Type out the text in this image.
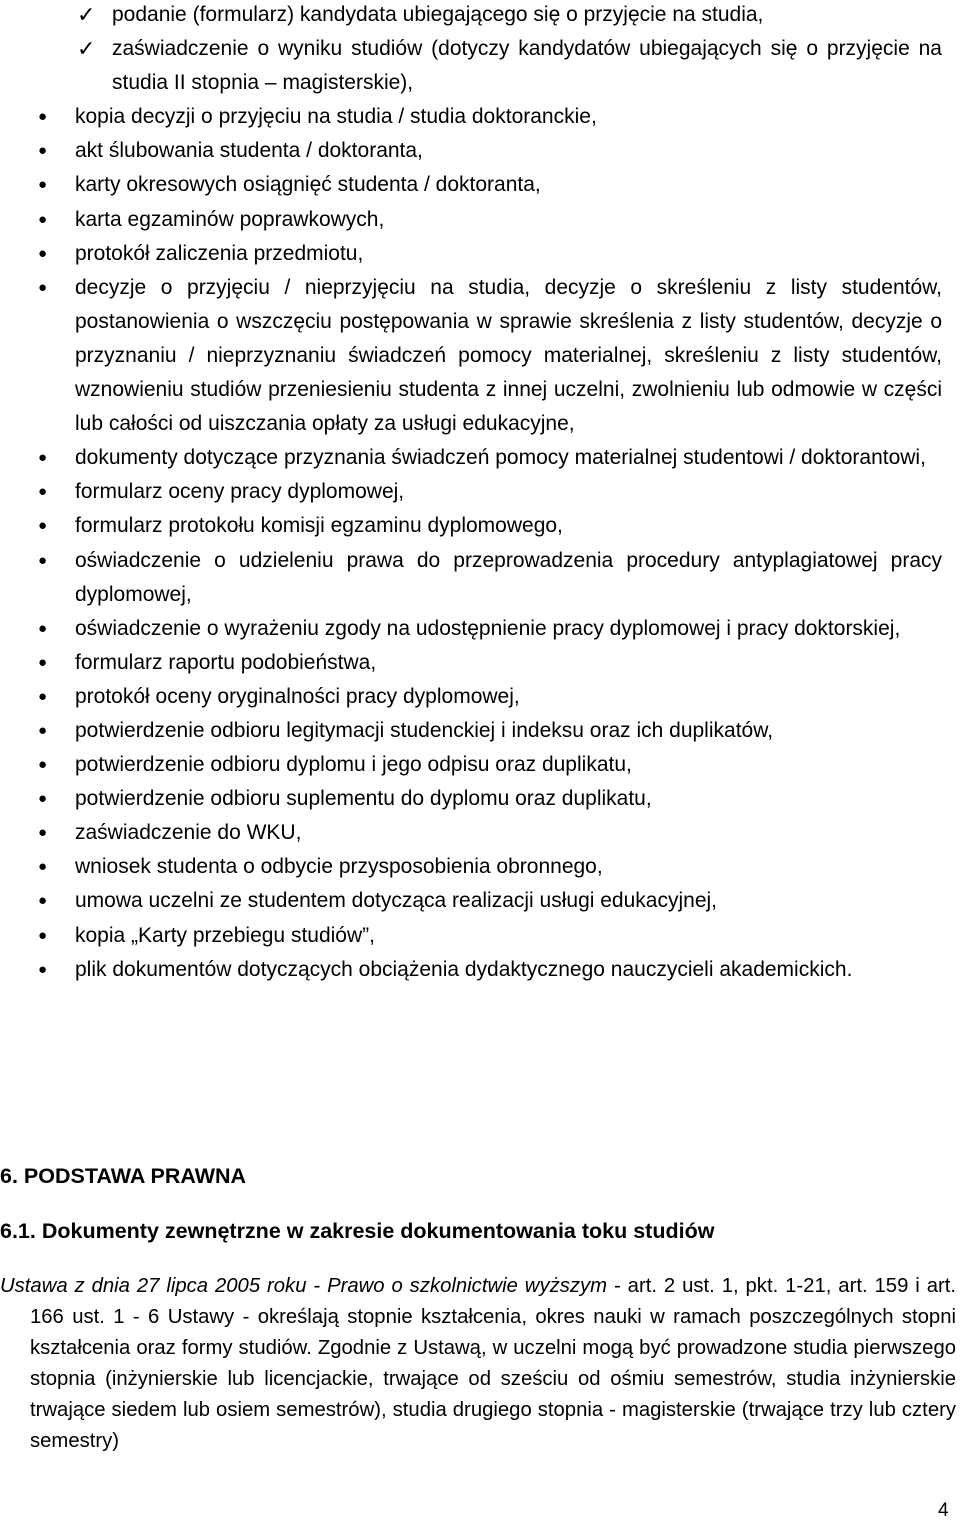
✓ podanie (formularz) kandydata ubiegającego się o przyjęcie na studia,
✓ zaświadczenie o wyniku studiów (dotyczy kandydatów ubiegających się o przyjęcie na studia II stopnia – magisterskie),
● kopia decyzji o przyjęciu na studia / studia doktoranckie,
● akt ślubowania studenta / doktoranta,
● karty okresowych osiągnięć studenta / doktoranta,
● karta egzaminów poprawkowych,
● protokół zaliczenia przedmiotu,
● decyzje o przyjęciu / nieprzyjęciu na studia, decyzje o skreśleniu z listy studentów, postanowienia o wszczęciu postępowania w sprawie skreślenia z listy studentów, decyzje o przyznaniu / nieprzyznaniu świadczeń pomocy materialnej, skreśleniu z listy studentów, wznowieniu studiów przeniesieniu studenta z innej uczelni, zwolnieniu lub odmowie w części lub całości od uiszczania opłaty za usługi edukacyjne,
● dokumenty dotyczące przyznania świadczeń pomocy materialnej studentowi / doktorantowi,
● formularz oceny pracy dyplomowej,
● formularz protokołu komisji egzaminu dyplomowego,
● oświadczenie o udzieleniu prawa do przeprowadzenia procedury antyplagiatowej pracy dyplomowej,
● oświadczenie o wyrażeniu zgody na udostępnienie pracy dyplomowej i pracy doktorskiej,
● formularz raportu podobieństwa,
● protokół oceny oryginalności pracy dyplomowej,
● potwierdzenie odbioru legitymacji studenckiej i indeksu oraz ich duplikatów,
● potwierdzenie odbioru dyplomu i jego odpisu oraz duplikatu,
● potwierdzenie odbioru suplementu do dyplomu oraz duplikatu,
● zaświadczenie do WKU,
● wniosek studenta o odbycie przysposobienia obronnego,
● umowa uczelni ze studentem dotycząca realizacji usługi edukacyjnej,
● kopia „Karty przebiegu studiów”,
● plik dokumentów dotyczących obciążenia dydaktycznego nauczycieli akademickich.
6. PODSTAWA PRAWNA
6.1. Dokumenty zewnętrzne w zakresie dokumentowania toku studiów

Ustawa z dnia 27 lipca 2005 roku - Prawo o szkolnictwie wyższym - art. 2 ust. 1, pkt. 1-21, art. 159 i art. 166 ust. 1 - 6 Ustawy - określają stopnie kształcenia, okres nauki w ramach poszczególnych stopni kształcenia oraz formy studiów. Zgodnie z Ustawą, w uczelni mogą być prowadzone studia pierwszego stopnia (inżynierskie lub licencjackie, trwające od sześciu od ośmiu semestrów, studia inżynierskie trwające siedem lub osiem semestrów), studia drugiego stopnia - magisterskie (trwające trzy lub cztery semestry)

4
